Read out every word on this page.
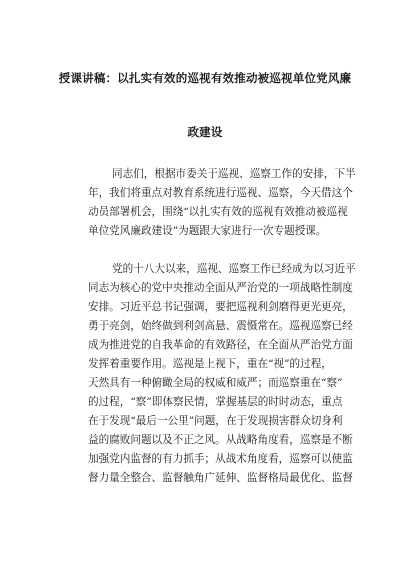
授课讲稿：以扎实有效的巡视有效推动被巡视单位党风廉

政建设

同志们，根据市委关于巡视、巡察工作的安排，下半

年，我们将重点对教育系统进行巡视、巡察，今天借这个

动员部署机会，围绕“以扎实有效的巡视有效推动被巡视

单位党风廉政建设”为题跟大家进行一次专题授课。

党的十八大以来，巡视、巡察工作已经成为以习近平

同志为核心的党中央推动全面从严治党的一项战略性制度

安排。习近平总书记强调，要把巡视利剑磨得更光更亮，

勇于亮剑，始终做到利剑高悬、震慑常在。巡视巡察已经

成为推进党的自我革命的有效路径，在全面从严治党方面

发挥着重要作用。巡视是上视下，重在“视”的过程，

天然具有一种俯瞰全局的权威和威严；而巡察重在“察”

的过程，“察”即体察民情，掌握基层的时时动态，重点

在于发现“最后一公里”问题，在于发现损害群众切身利

益的腐败问题以及不正之风。从战略角度看，巡察是不断

加强党内监督的有力抓手；从战术角度看，巡察可以使监

督力量全整合、监督触角广延伸、监督格局最优化、监督
